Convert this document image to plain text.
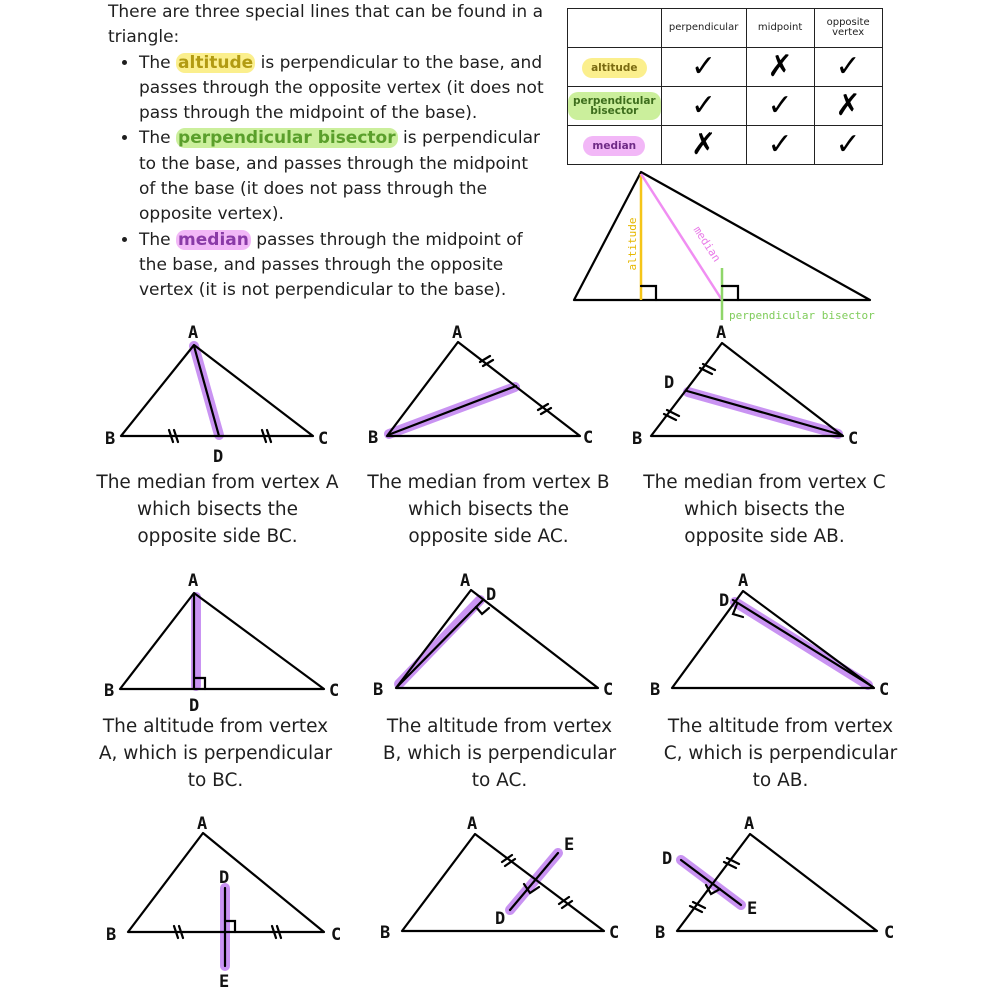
There are three special lines that can be found in a triangle:

• The altitude is perpendicular to the base, and passes through the opposite vertex (it does not pass through the midpoint of the base).
• The perpendicular bisector is perpendicular to the base, and passes through the midpoint of the base (it does not pass through the opposite vertex).
• The median passes through the midpoint of the base, and passes through the opposite vertex (it is not perpendicular to the base).
	perpendicular	midpoint	opposite vertex
altitude	✓	✗	✓
perpendicular bisector	✓	✓	✗
median	✗	✓	✓
altitude	median
perpendicular bisector
A
B	C
D
A
B	C
A
B	C
D
A
B	C
D
A
D
B	C
A
D
B	C
A
D
B	C
E
A
E
D
B	C
A
D
E
B	C
The median from vertex A which bisects the opposite side BC.
The median from vertex B which bisects the opposite side AC.
The median from vertex C which bisects the opposite side AB.
The altitude from vertex A, which is perpendicular to BC.
The altitude from vertex B, which is perpendicular to AC.
The altitude from vertex C, which is perpendicular to AB.
